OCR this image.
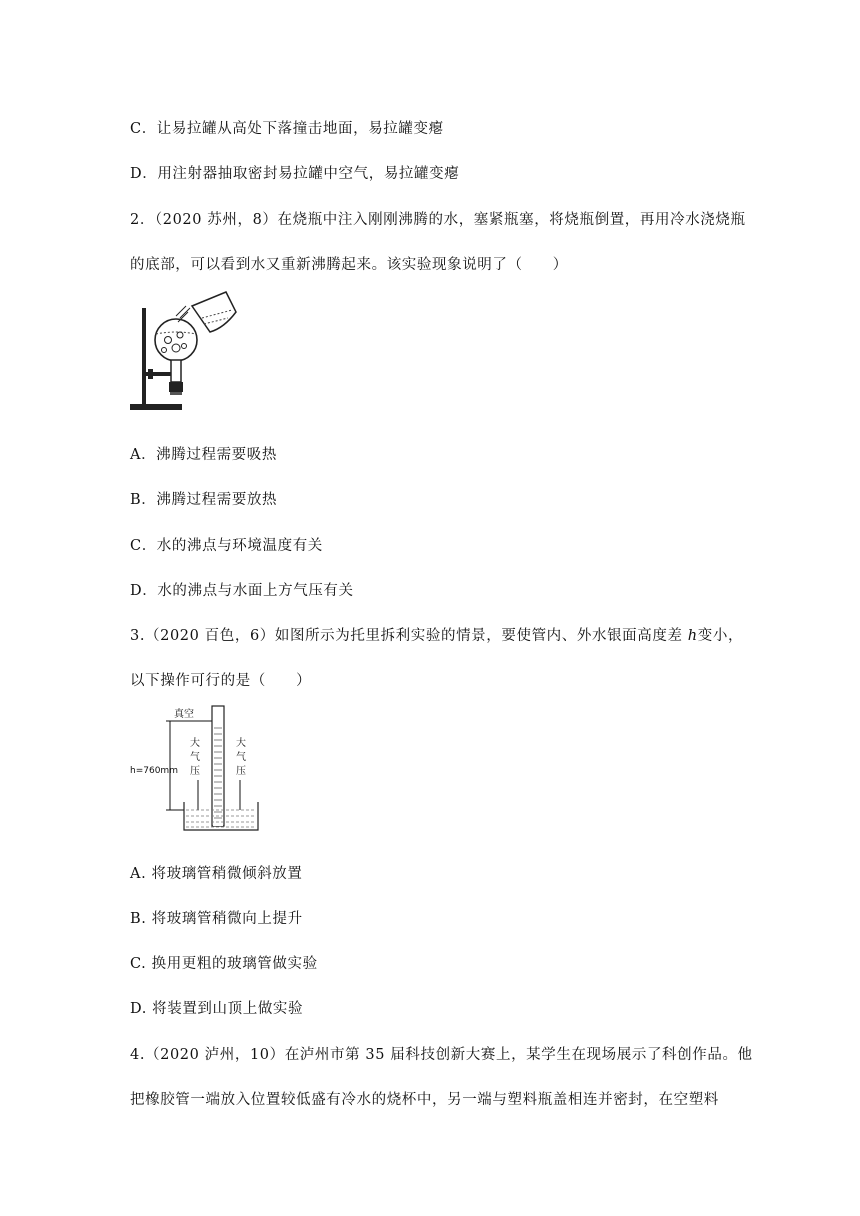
C．让易拉罐从高处下落撞击地面，易拉罐变瘪
D．用注射器抽取密封易拉罐中空气，易拉罐变瘪
2．（2020 苏州，8）在烧瓶中注入刚刚沸腾的水，塞紧瓶塞，将烧瓶倒置，再用冷水浇烧瓶
的底部，可以看到水又重新沸腾起来。该实验现象说明了（　　）
A．沸腾过程需要吸热
B．沸腾过程需要放热
C．水的沸点与环境温度有关
D．水的沸点与水面上方气压有关
3.（2020 百色，6）如图所示为托里拆利实验的情景，要使管内、外水银面高度差 h变小，
以下操作可行的是（　　）
真空
h=760mm
大
气
压
大
气
压
A. 将玻璃管稍微倾斜放置
B. 将玻璃管稍微向上提升
C. 换用更粗的玻璃管做实验
D. 将装置到山顶上做实验
4.（2020 泸州，10）在泸州市第 35 届科技创新大赛上，某学生在现场展示了科创作品。他
把橡胶管一端放入位置较低盛有冷水的烧杯中，另一端与塑料瓶盖相连并密封，在空塑料
